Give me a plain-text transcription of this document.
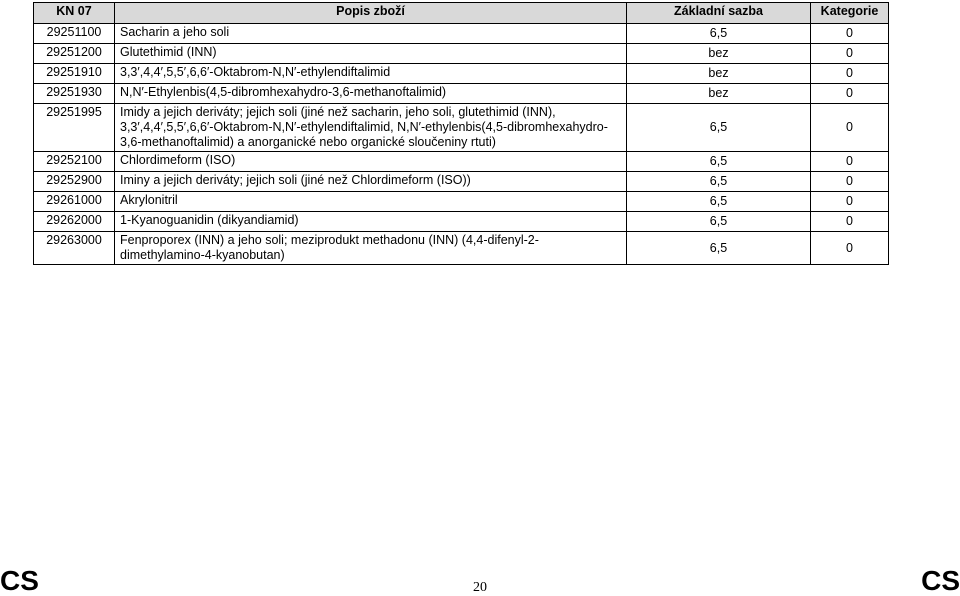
KN 07	Popis zboží	Základní sazba	Kategorie
29251100	Sacharin a jeho soli	6,5	0
29251200	Glutethimid (INN)	bez	0
29251910	3,3′,4,4′,5,5′,6,6′-Oktabrom-N,N′-ethylendiftalimid	bez	0
29251930	N,N′-Ethylenbis(4,5-dibromhexahydro-3,6-methanoftalimid)	bez	0
29251995	Imidy a jejich deriváty; jejich soli (jiné než sacharin, jeho soli, glutethimid (INN), 3,3′,4,4′,5,5′,6,6′-Oktabrom-N,N′-ethylendiftalimid, N,N′-ethylenbis(4,5-dibromhexahydro-3,6-methanoftalimid) a anorganické nebo organické sloučeniny rtuti)	6,5	0
29252100	Chlordimeform (ISO)	6,5	0
29252900	Iminy a jejich deriváty; jejich soli (jiné než Chlordimeform (ISO))	6,5	0
29261000	Akrylonitril	6,5	0
29262000	1-Kyanoguanidin (dikyandiamid)	6,5	0
29263000	Fenproporex (INN) a jeho soli; meziprodukt methadonu (INN) (4,4-difenyl-2-dimethylamino-4-kyanobutan)	6,5	0
CS	20	CS
